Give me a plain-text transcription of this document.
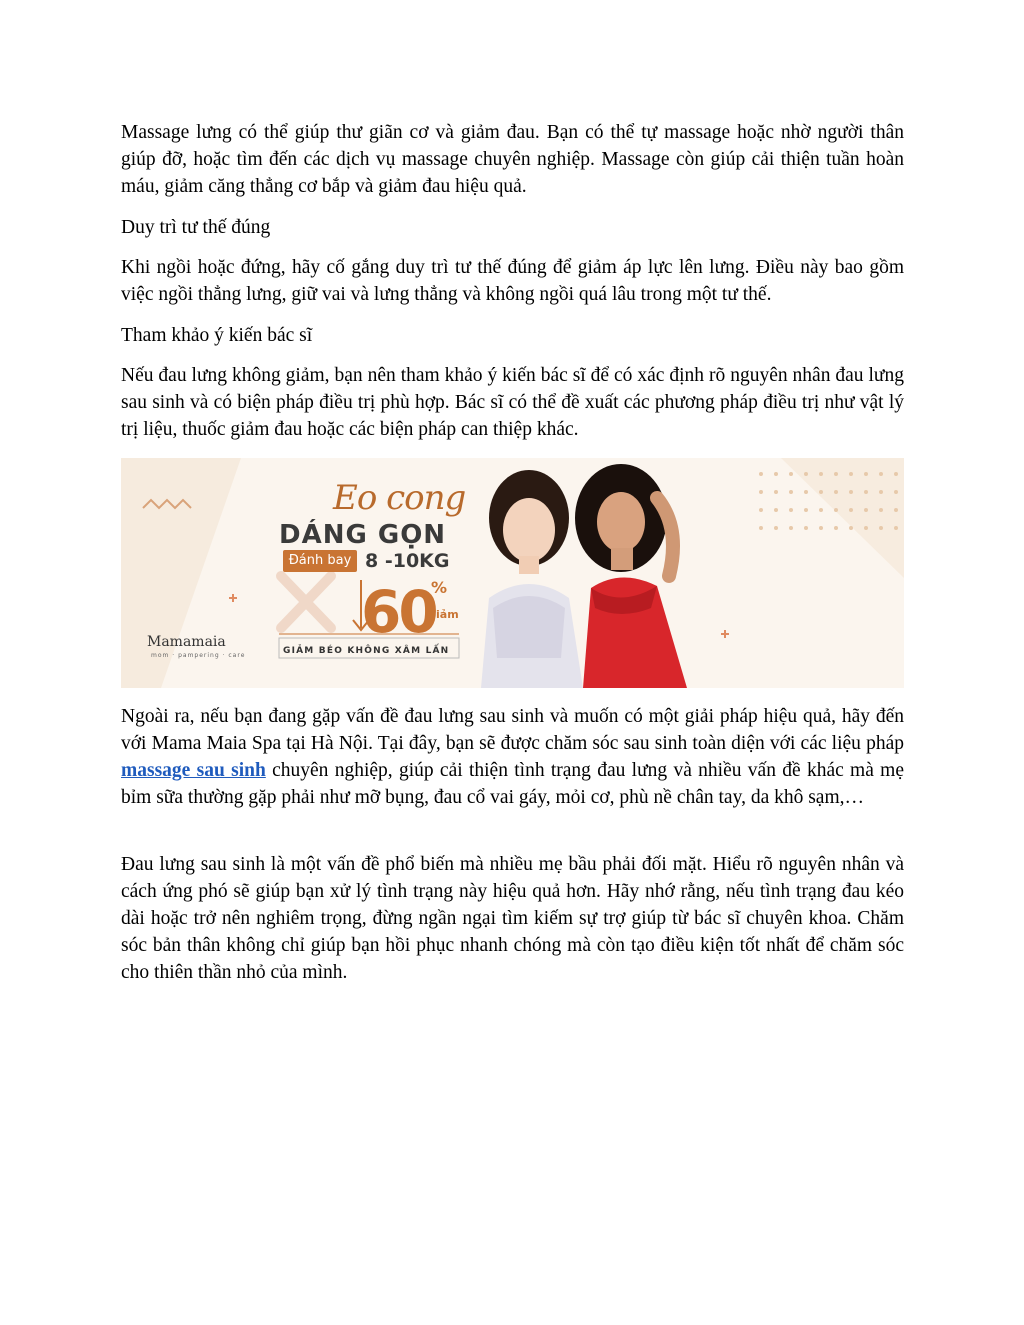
Massage lưng có thể giúp thư giãn cơ và giảm đau. Bạn có thể tự massage hoặc nhờ người thân giúp đỡ, hoặc tìm đến các dịch vụ massage chuyên nghiệp. Massage còn giúp cải thiện tuần hoàn máu, giảm căng thẳng cơ bắp và giảm đau hiệu quả.

Duy trì tư thế đúng

Khi ngồi hoặc đứng, hãy cố gắng duy trì tư thế đúng để giảm áp lực lên lưng. Điều này bao gồm việc ngồi thẳng lưng, giữ vai và lưng thẳng và không ngồi quá lâu trong một tư thế.

Tham khảo ý kiến bác sĩ

Nếu đau lưng không giảm, bạn nên tham khảo ý kiến bác sĩ để có xác định rõ nguyên nhân đau lưng sau sinh và có biện pháp điều trị phù hợp. Bác sĩ có thể đề xuất các phương pháp điều trị như vật lý trị liệu, thuốc giảm đau hoặc các biện pháp can thiệp khác.

Eo cong
DÁNG GỌN
Đánh bay 8 -10KG
60
%
Giảm
GIẢM BÉO KHÔNG XÂM LẤN
Mamamaia
mom · pampering · care

Ngoài ra, nếu bạn đang gặp vấn đề đau lưng sau sinh và muốn có một giải pháp hiệu quả, hãy đến với Mama Maia Spa tại Hà Nội. Tại đây, bạn sẽ được chăm sóc sau sinh toàn diện với các liệu pháp massage sau sinh chuyên nghiệp, giúp cải thiện tình trạng đau lưng và nhiều vấn đề khác mà mẹ bỉm sữa thường gặp phải như mỡ bụng, đau cổ vai gáy, mỏi cơ, phù nề chân tay, da khô sạm,…

Đau lưng sau sinh là một vấn đề phổ biến mà nhiều mẹ bầu phải đối mặt. Hiểu rõ nguyên nhân và cách ứng phó sẽ giúp bạn xử lý tình trạng này hiệu quả hơn. Hãy nhớ rằng, nếu tình trạng đau kéo dài hoặc trở nên nghiêm trọng, đừng ngần ngại tìm kiếm sự trợ giúp từ bác sĩ chuyên khoa. Chăm sóc bản thân không chỉ giúp bạn hồi phục nhanh chóng mà còn tạo điều kiện tốt nhất để chăm sóc cho thiên thần nhỏ của mình.
